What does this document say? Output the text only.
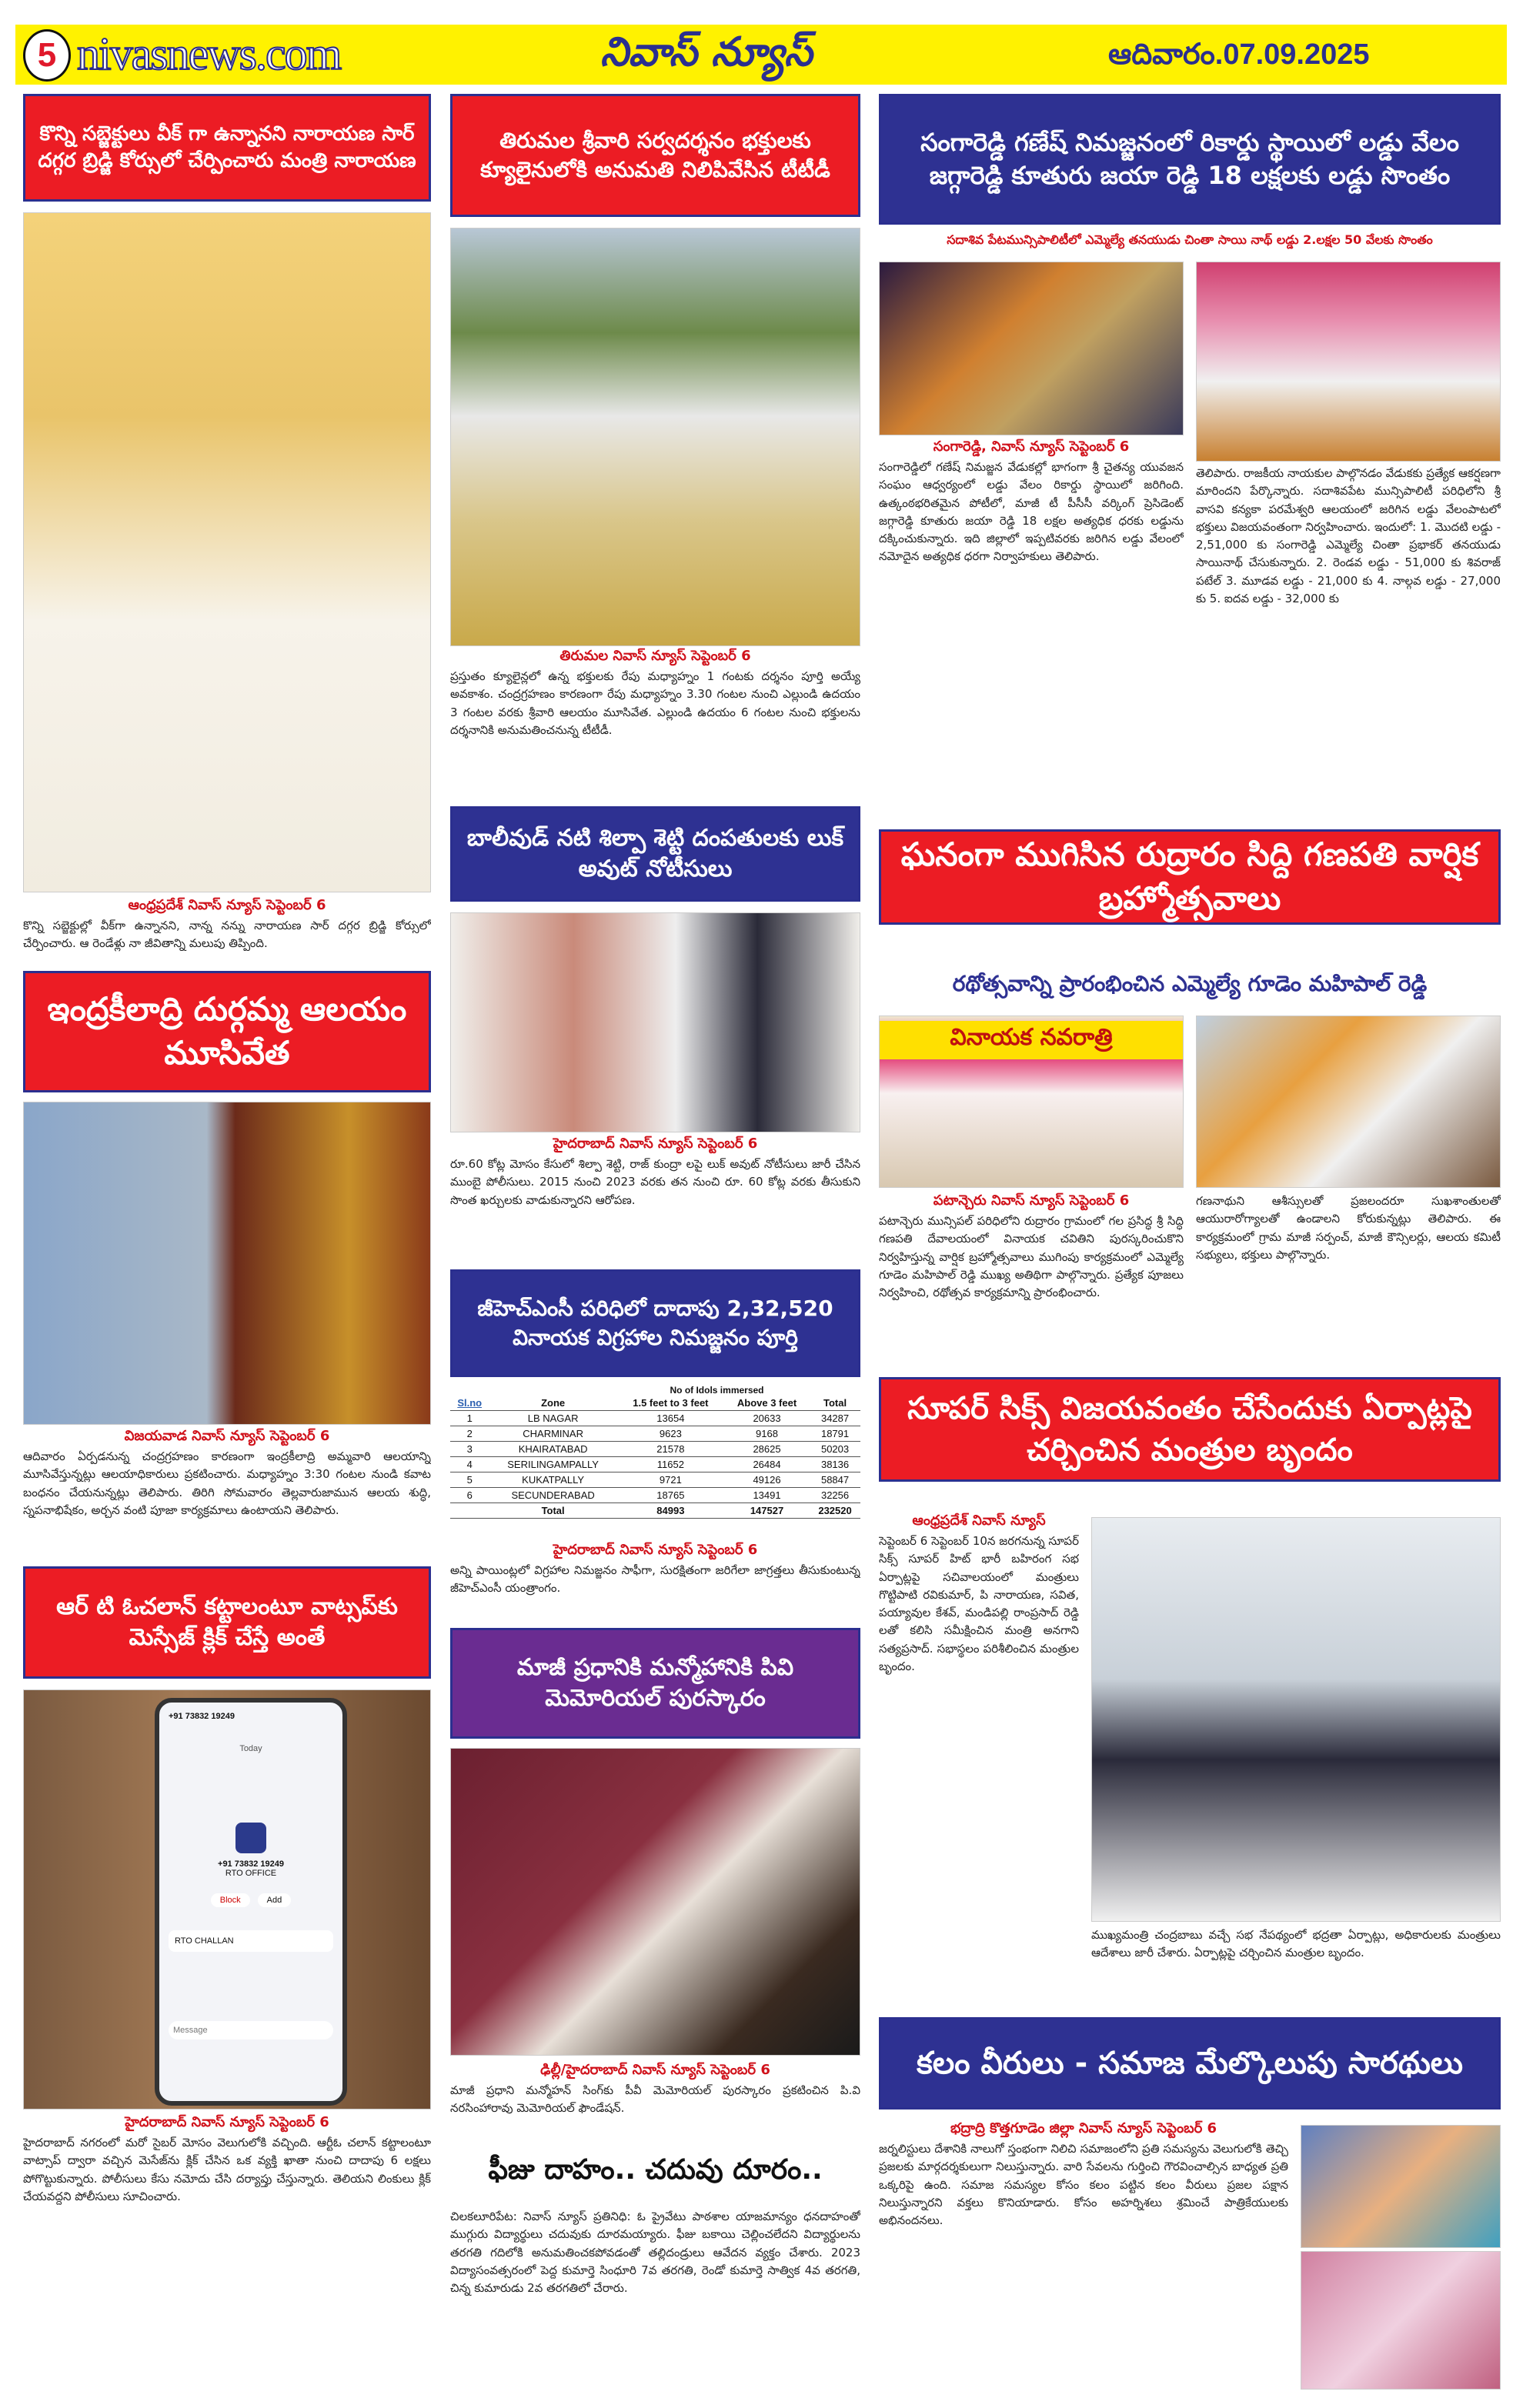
5 nivasnews.com	నివాస్ న్యూస్	ఆదివారం.07.09.2025
కొన్ని సబ్జెక్టులు వీక్ గా ఉన్నానని నారాయణ సార్ దగ్గర బ్రిడ్జి కోర్సులో చేర్పించారు మంత్రి నారాయణ
ఆంధ్రప్రదేశ్ నివాస్ న్యూస్ సెప్టెంబర్ 6
కొన్ని సబ్జెక్టుల్లో వీక్‌గా ఉన్నానని, నాన్న నన్ను నారాయణ సార్ దగ్గర బ్రిడ్జి కోర్సులో చేర్పించారు. ఆ రెండేళ్లు నా జీవితాన్ని మలుపు తిప్పింది.
ఇంద్రకీలాద్రి దుర్గమ్మ ఆలయం మూసివేత
విజయవాడ నివాస్ న్యూస్ సెప్టెంబర్ 6
ఆదివారం ఏర్పడనున్న చంద్రగ్రహణం కారణంగా ఇంద్రకీలాద్రి అమ్మవారి ఆలయాన్ని మూసివేస్తున్నట్లు ఆలయాధికారులు ప్రకటించారు. మధ్యాహ్నం 3:30 గంటల నుండి కవాట బంధనం చేయనున్నట్లు తెలిపారు. తిరిగి సోమవారం తెల్లవారుజామున ఆలయ శుద్ధి, స్నపనాభిషేకం, అర్చన వంటి పూజా కార్యక్రమాలు ఉంటాయని తెలిపారు.
ఆర్ టి ఓచలాన్ కట్టాలంటూ వాట్సప్‌కు మెస్సేజ్ క్లిక్ చేస్తే అంతే
+91 73832 19249
Today
+91 73832 19249
RTO OFFICE
Block	Add
RTO CHALLAN
Message
హైదరాబాద్ నివాస్ న్యూస్ సెప్టెంబర్ 6
హైదరాబాద్ నగరంలో మరో సైబర్ మోసం వెలుగులోకి వచ్చింది. ఆర్టీఓ చలాన్ కట్టాలంటూ వాట్సాప్ ద్వారా వచ్చిన మెసేజ్‌ను క్లిక్ చేసిన ఒక వ్యక్తి ఖాతా నుంచి దాదాపు 6 లక్షలు పోగొట్టుకున్నారు. పోలీసులు కేసు నమోదు చేసి దర్యాప్తు చేస్తున్నారు. తెలియని లింకులు క్లిక్ చేయవద్దని పోలీసులు సూచించారు.
తిరుమల శ్రీవారి సర్వదర్శనం భక్తులకు క్యూలైనులోకి అనుమతి నిలిపివేసిన టీటీడీ
తిరుమల నివాస్ న్యూస్ సెప్టెంబర్ 6
ప్రస్తుతం క్యూలైన్లలో ఉన్న భక్తులకు రేపు మధ్యాహ్నం 1 గంటకు దర్శనం పూర్తి అయ్యే అవకాశం. చంద్రగ్రహణం కారణంగా రేపు మధ్యాహ్నం 3.30 గంటల నుంచి ఎల్లుండి ఉదయం 3 గంటల వరకు శ్రీవారి ఆలయం మూసివేత. ఎల్లుండి ఉదయం 6 గంటల నుంచి భక్తులను దర్శనానికి అనుమతించనున్న టీటీడీ.
బాలీవుడ్ నటి శిల్పా శెట్టి దంపతులకు లుక్ అవుట్ నోటీసులు
హైదరాబాద్ నివాస్ న్యూస్ సెప్టెంబర్ 6
రూ.60 కోట్ల మోసం కేసులో శిల్పా శెట్టి, రాజ్ కుంద్రా లపై లుక్ అవుట్ నోటీసులు జారీ చేసిన ముంబై పోలీసులు. 2015 నుంచి 2023 వరకు తన నుంచి రూ. 60 కోట్ల వరకు తీసుకుని సొంత ఖర్చులకు వాడుకున్నారని ఆరోపణ.
జీహెచ్ఎంసీ పరిధిలో దాదాపు 2,32,520 వినాయక విగ్రహాల నిమజ్జనం పూర్తి
No of Idols immersed
Sl.no	Zone	1.5 feet to 3 feet	Above 3 feet	Total
1	LB NAGAR	13654	20633	34287
2	CHARMINAR	9623	9168	18791
3	KHAIRATABAD	21578	28625	50203
4	SERILINGAMPALLY	11652	26484	38136
5	KUKATPALLY	9721	49126	58847
6	SECUNDERABAD	18765	13491	32256
	Total	84993	147527	232520
హైదరాబాద్ నివాస్ న్యూస్ సెప్టెంబర్ 6
అన్ని పాయింట్లలో విగ్రహాల నిమజ్జనం సాఫీగా, సురక్షితంగా జరిగేలా జాగ్రత్తలు తీసుకుంటున్న జీహెచ్ఎంసీ యంత్రాంగం.
మాజీ ప్రధానికి మన్మోహానికి పివి మెమోరియల్ పురస్కారం
ఢిల్లీ/హైదరాబాద్ నివాస్ న్యూస్ సెప్టెంబర్ 6
మాజీ ప్రధాని మన్మోహన్ సింగ్‌కు పీవీ మెమోరియల్ పురస్కారం ప్రకటించిన పి.వి నరసింహారావు మెమోరియల్ ఫౌండేషన్.
ఫీజు దాహం.. చదువు దూరం..
చిలకలూరిపేట: నివాస్ న్యూస్ ప్రతినిధి: ఓ ప్రైవేటు పాఠశాల యాజమాన్యం ధనదాహంతో ముగ్గురు విద్యార్థులు చదువుకు దూరమయ్యారు. ఫీజు బకాయి చెల్లించలేదని విద్యార్థులను తరగతి గదిలోకి అనుమతించకపోవడంతో తల్లిదండ్రులు ఆవేదన వ్యక్తం చేశారు. 2023 విద్యాసంవత్సరంలో పెద్ద కుమార్తె సింధూరి 7వ తరగతి, రెండో కుమార్తె సాత్విక 4వ తరగతి, చిన్న కుమారుడు 2వ తరగతిలో చేరారు.
సంగారెడ్డి గణేష్ నిమజ్జనంలో రికార్డు స్థాయిలో లడ్డు వేలం జగ్గారెడ్డి కూతురు జయా రెడ్డి 18 లక్షలకు లడ్డు సొంతం
సదాశివ పేటమున్సిపాలిటీలో ఎమ్మెల్యే తనయుడు చింతా సాయి నాథ్ లడ్డు 2.లక్షల 50 వేలకు సొంతం
సంగారెడ్డి, నివాస్ న్యూస్ సెప్టెంబర్ 6
సంగారెడ్డిలో గణేష్ నిమజ్జన వేడుకల్లో భాగంగా శ్రీ చైతన్య యువజన సంఘం ఆధ్వర్యంలో లడ్డు వేలం రికార్డు స్థాయిలో జరిగింది. ఉత్కంఠభరితమైన పోటీలో, మాజీ టీ పీసీసీ వర్కింగ్ ప్రెసిడెంట్ జగ్గారెడ్డి కూతురు జయా రెడ్డి 18 లక్షల అత్యధిక ధరకు లడ్డును దక్కించుకున్నారు. ఇది జిల్లాలో ఇప్పటివరకు జరిగిన లడ్డు వేలంలో నమోదైన అత్యధిక ధరగా నిర్వాహకులు తెలిపారు.
తెలిపారు. రాజకీయ నాయకుల పాల్గొనడం వేడుకకు ప్రత్యేక ఆకర్షణగా మారిందని పేర్కొన్నారు. సదాశివపేట మున్సిపాలిటీ పరిధిలోని శ్రీ వాసవి కన్యకా పరమేశ్వరి ఆలయంలో జరిగిన లడ్డు వేలంపాటలో భక్తులు విజయవంతంగా నిర్వహించారు. ఇందులో: 1. మొదటి లడ్డు - 2,51,000 కు సంగారెడ్డి ఎమ్మెల్యే చింతా ప్రభాకర్ తనయుడు సాయినాథ్ చేసుకున్నారు. 2. రెండవ లడ్డు - 51,000 కు శివరాజ్ పటేల్ 3. మూడవ లడ్డు - 21,000 కు 4. నాల్గవ లడ్డు - 27,000 కు 5. ఐదవ లడ్డు - 32,000 కు
ఘనంగా ముగిసిన రుద్రారం సిద్ది గణపతి వార్షిక బ్రహ్మోత్సవాలు
రథోత్సవాన్ని ప్రారంభించిన ఎమ్మెల్యే గూడెం మహిపాల్ రెడ్డి
వినాయక నవరాత్రి
పటాన్చెరు నివాస్ న్యూస్ సెప్టెంబర్ 6
పటాన్చెరు మున్సిపల్ పరిధిలోని రుద్రారం గ్రామంలో గల ప్రసిద్ధ శ్రీ సిద్ధి గణపతి దేవాలయంలో వినాయక చవితిని పురస్కరించుకొని నిర్వహిస్తున్న వార్షిక బ్రహ్మోత్సవాలు ముగింపు కార్యక్రమంలో ఎమ్మెల్యే గూడెం మహిపాల్ రెడ్డి ముఖ్య అతిథిగా పాల్గొన్నారు. ప్రత్యేక పూజలు నిర్వహించి, రథోత్సవ కార్యక్రమాన్ని ప్రారంభించారు.
గణనాథుని ఆశీస్సులతో ప్రజలందరూ సుఖశాంతులతో ఆయురారోగ్యాలతో ఉండాలని కోరుకున్నట్లు తెలిపారు. ఈ కార్యక్రమంలో గ్రామ మాజీ సర్పంచ్, మాజీ కౌన్సిలర్లు, ఆలయ కమిటీ సభ్యులు, భక్తులు పాల్గొన్నారు.
సూపర్ సిక్స్ విజయవంతం చేసేందుకు ఏర్పాట్లపై చర్చించిన మంత్రుల బృందం
ఆంధ్రప్రదేశ్ నివాస్ న్యూస్
సెప్టెంబర్ 6 సెప్టెంబర్ 10న జరగనున్న సూపర్ సిక్స్ సూపర్ హిట్ భారీ బహిరంగ సభ ఏర్పాట్లపై సచివాలయంలో మంత్రులు గొట్టిపాటి రవికుమార్, పి నారాయణ, సవిత, పయ్యావుల కేశవ్, మండిపల్లి రాంప్రసాద్ రెడ్డి లతో కలిసి సమీక్షించిన మంత్రి అనగాని సత్యప్రసాద్. సభాస్థలం పరిశీలించిన మంత్రుల బృందం.
ముఖ్యమంత్రి చంద్రబాబు వచ్చే సభ నేపథ్యంలో భద్రతా ఏర్పాట్లు, అధికారులకు మంత్రులు ఆదేశాలు జారీ చేశారు. ఏర్పాట్లపై చర్చించిన మంత్రుల బృందం.
కలం వీరులు - సమాజ మేల్కొలుపు సారథులు
భద్రాద్రి కొత్తగూడెం జిల్లా నివాస్ న్యూస్ సెప్టెంబర్ 6
జర్నలిస్టులు దేశానికి నాలుగో స్తంభంగా నిలిచి సమాజంలోని ప్రతి సమస్యను వెలుగులోకి తెచ్చి ప్రజలకు మార్గదర్శకులుగా నిలుస్తున్నారు. వారి సేవలను గుర్తించి గౌరవించాల్సిన బాధ్యత ప్రతి ఒక్కరిపై ఉంది. సమాజ సమస్యల కోసం కలం పట్టిన కలం వీరులు ప్రజల పక్షాన నిలుస్తున్నారని వక్తలు కొనియాడారు. కోసం అహర్నిశలు శ్రమించే పాత్రికేయులకు అభినందనలు.
